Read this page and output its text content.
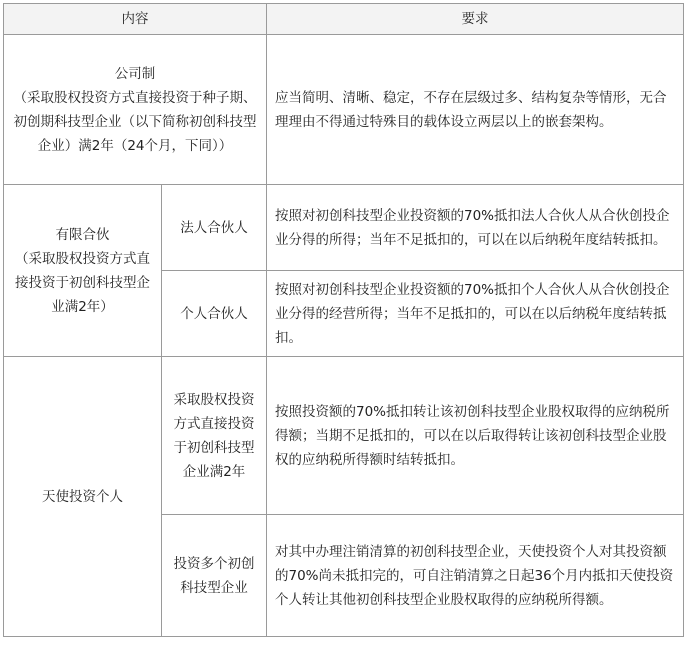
内容		要求

公司制
（采取股权投资方式直接投资于种子期、初创期科技型企业（以下简称初创科技型企业）满2年（24个月，下同））		应当简明、清晰、稳定，不存在层级过多、结构复杂等情形，无合理理由不得通过特殊目的载体设立两层以上的嵌套架构。

有限合伙
（采取股权投资方式直接投资于初创科技型企业满2年）	法人合伙人	按照对初创科技型企业投资额的70%抵扣法人合伙人从合伙创投企业分得的所得；当年不足抵扣的，可以在以后纳税年度结转抵扣。
	个人合伙人	按照对初创科技型企业投资额的70%抵扣个人合伙人从合伙创投企业分得的经营所得；当年不足抵扣的，可以在以后纳税年度结转抵扣。
天使投资个人	采取股权投资方式直接投资于初创科技型企业满2年	按照投资额的70%抵扣转让该初创科技型企业股权取得的应纳税所得额；当期不足抵扣的，可以在以后取得转让该初创科技型企业股权的应纳税所得额时结转抵扣。
	投资多个初创科技型企业	对其中办理注销清算的初创科技型企业，天使投资个人对其投资额的70%尚未抵扣完的，可自注销清算之日起36个月内抵扣天使投资个人转让其他初创科技型企业股权取得的应纳税所得额。
